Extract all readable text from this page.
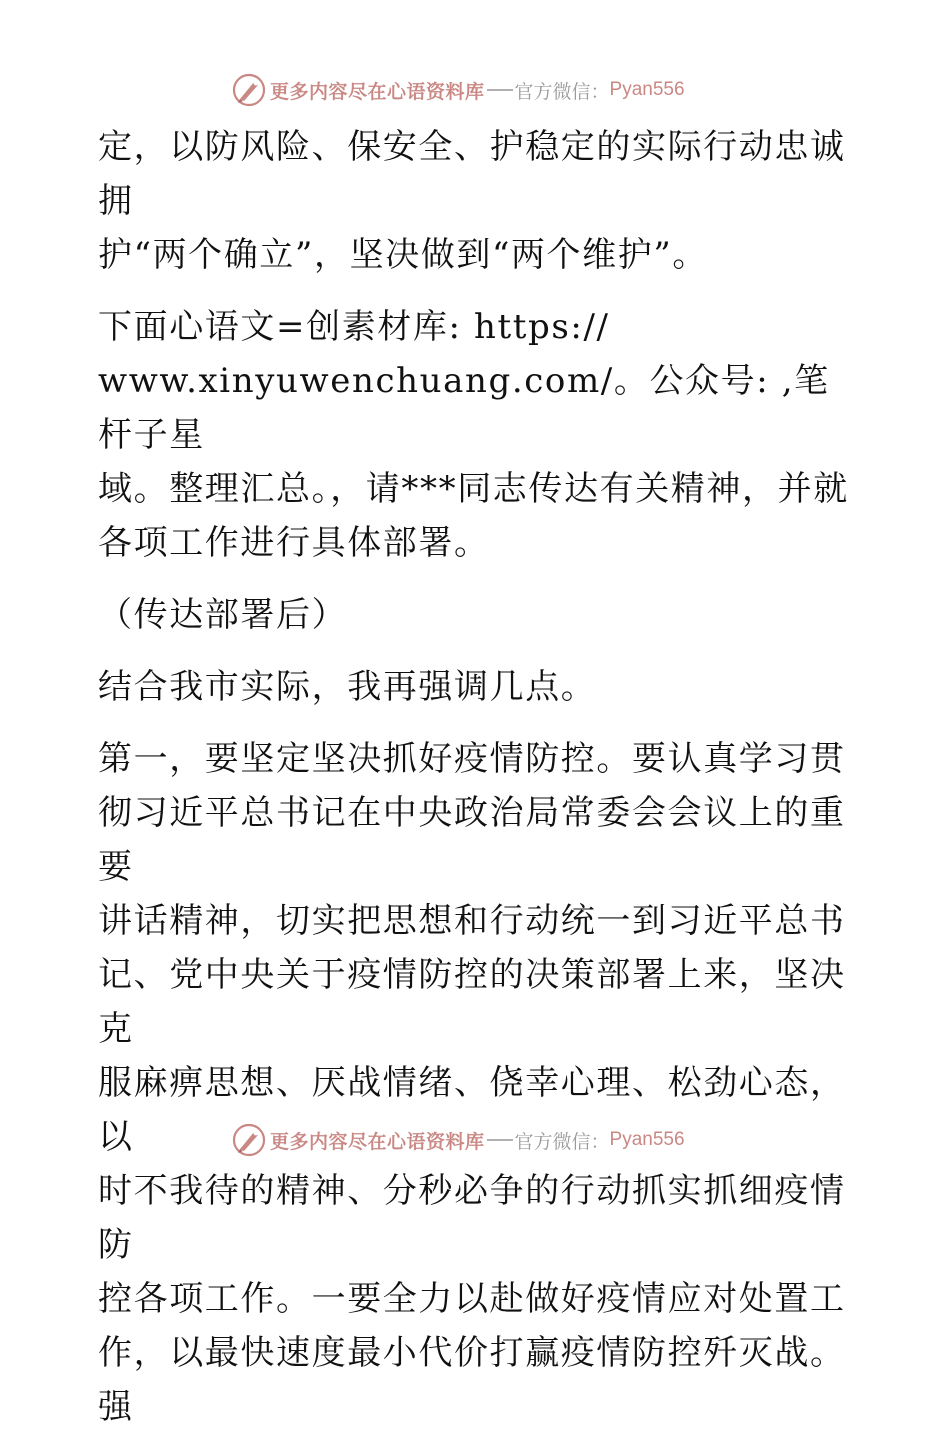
更多内容尽在心语资料库 官方微信： Pyan556

定，以防风险、保安全、护稳定的实际行动忠诚拥

护“两个确立”，坚决做到“两个维护”。

下面心语文=创素材库: https://

www.xinyuwenchuang.com/。公众号: ,笔杆子星

域。整理汇总。，请***同志传达有关精神，并就

各项工作进行具体部署。

（传达部署后）

结合我市实际，我再强调几点。

第一，要坚定坚决抓好疫情防控。要认真学习贯

彻习近平总书记在中央政治局常委会会议上的重要

讲话精神，切实把思想和行动统一到习近平总书

记、党中央关于疫情防控的决策部署上来，坚决克

服麻痹思想、厌战情绪、侥幸心理、松劲心态，以

时不我待的精神、分秒必争的行动抓实抓细疫情防

控各项工作。一要全力以赴做好疫情应对处置工

作，以最快速度最小代价打赢疫情防控歼灭战。强

更多内容尽在心语资料库 官方微信： Pyan556
